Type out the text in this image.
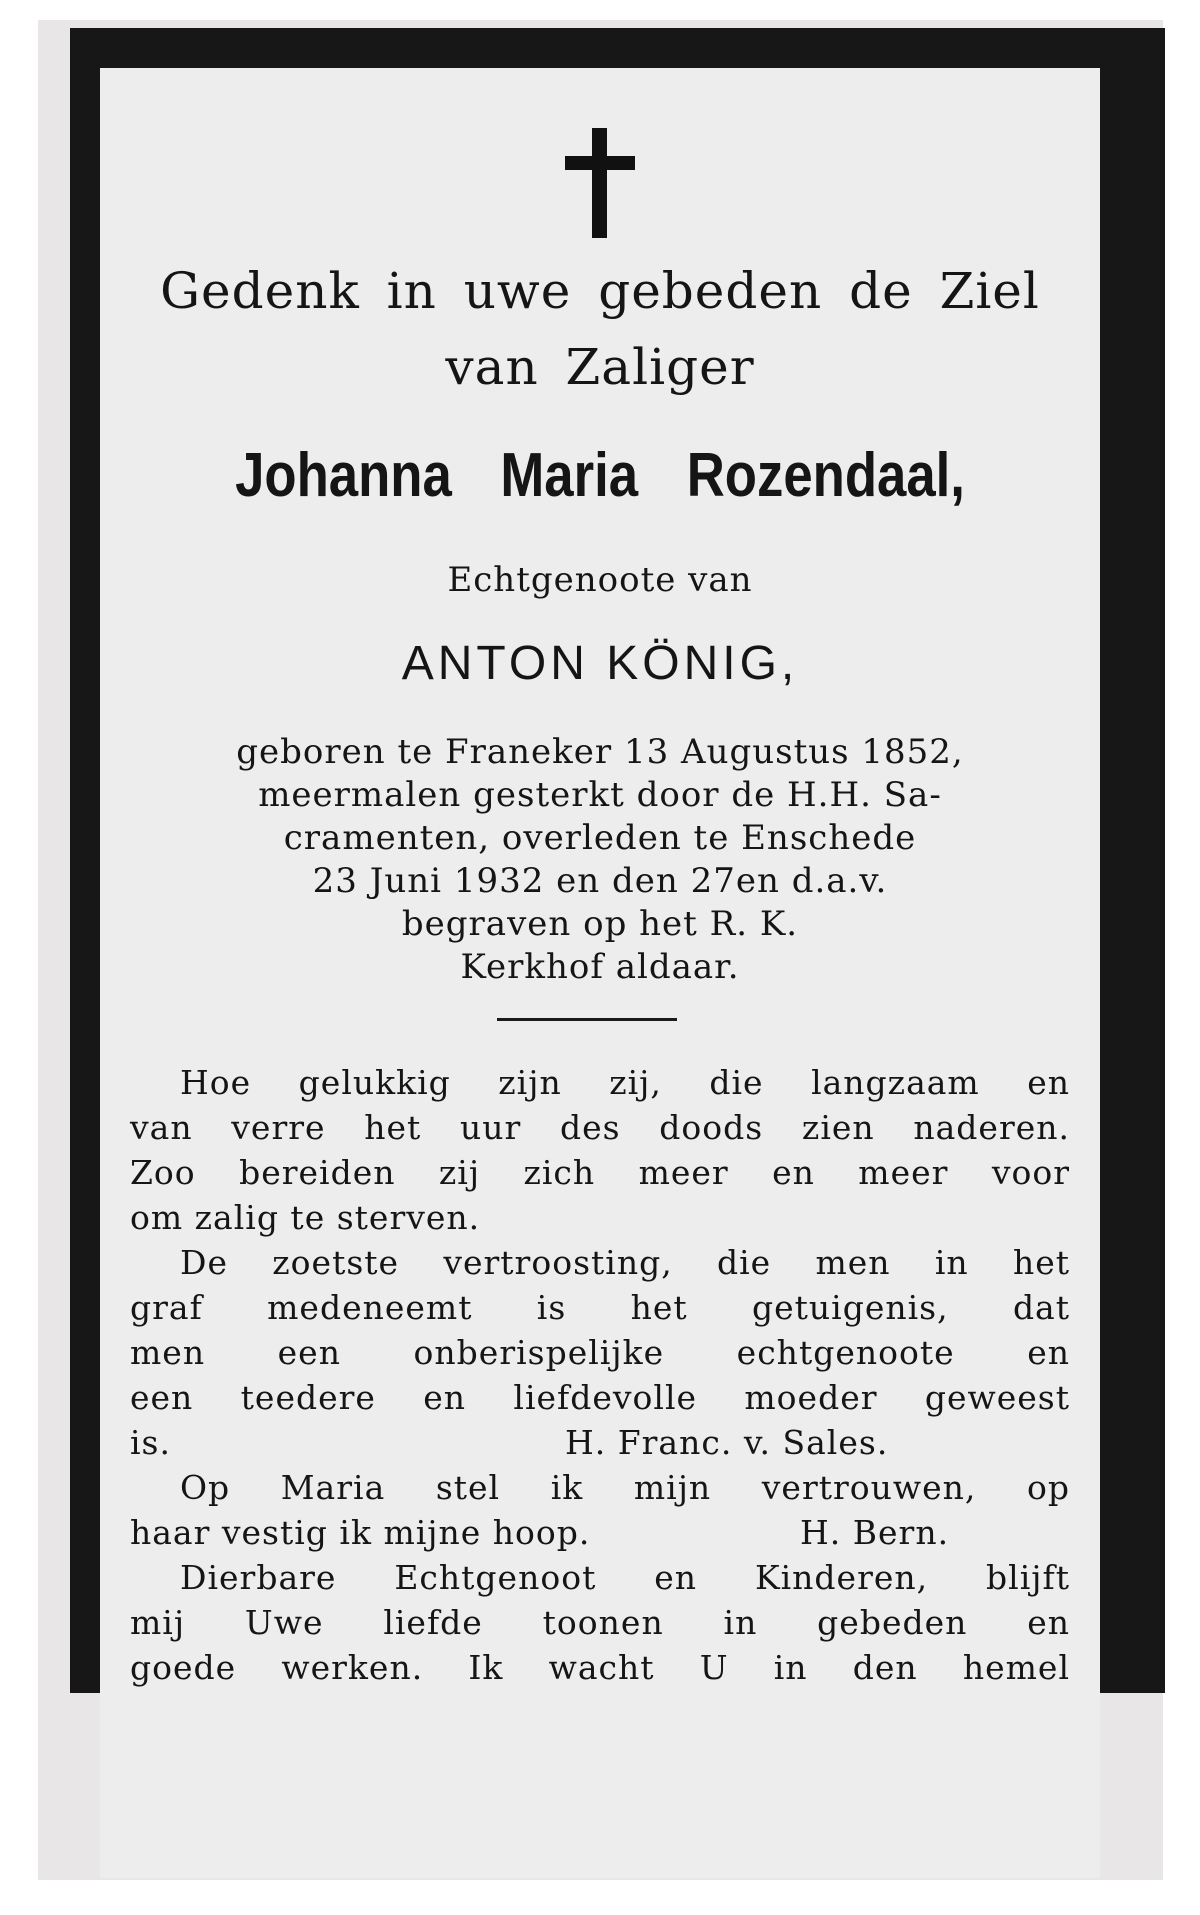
Gedenk in uwe gebeden de Ziel
van Zaliger
Johanna Maria Rozendaal,
Echtgenoote van
ANTON KÖNIG,
geboren te Franeker 13 Augustus 1852,
meermalen gesterkt door de H.H. Sa-
cramenten, overleden te Enschede
23 Juni 1932 en den 27en d.a.v.
begraven op het R. K.
Kerkhof aldaar.
Hoe gelukkig zijn zij, die langzaam en
van verre het uur des doods zien naderen.
Zoo bereiden zij zich meer en meer voor
om zalig te sterven.
De zoetste vertroosting, die men in het
graf medeneemt is het getuigenis, dat
men een onberispelijke echtgenoote en
een teedere en liefdevolle moeder geweest
is.	H. Franc. v. Sales.
Op Maria stel ik mijn vertrouwen, op
haar vestig ik mijne hoop.	H. Bern.
Dierbare Echtgenoot en Kinderen, blijft
mij Uwe liefde toonen in gebeden en
goede werken. Ik wacht U in den hemel
